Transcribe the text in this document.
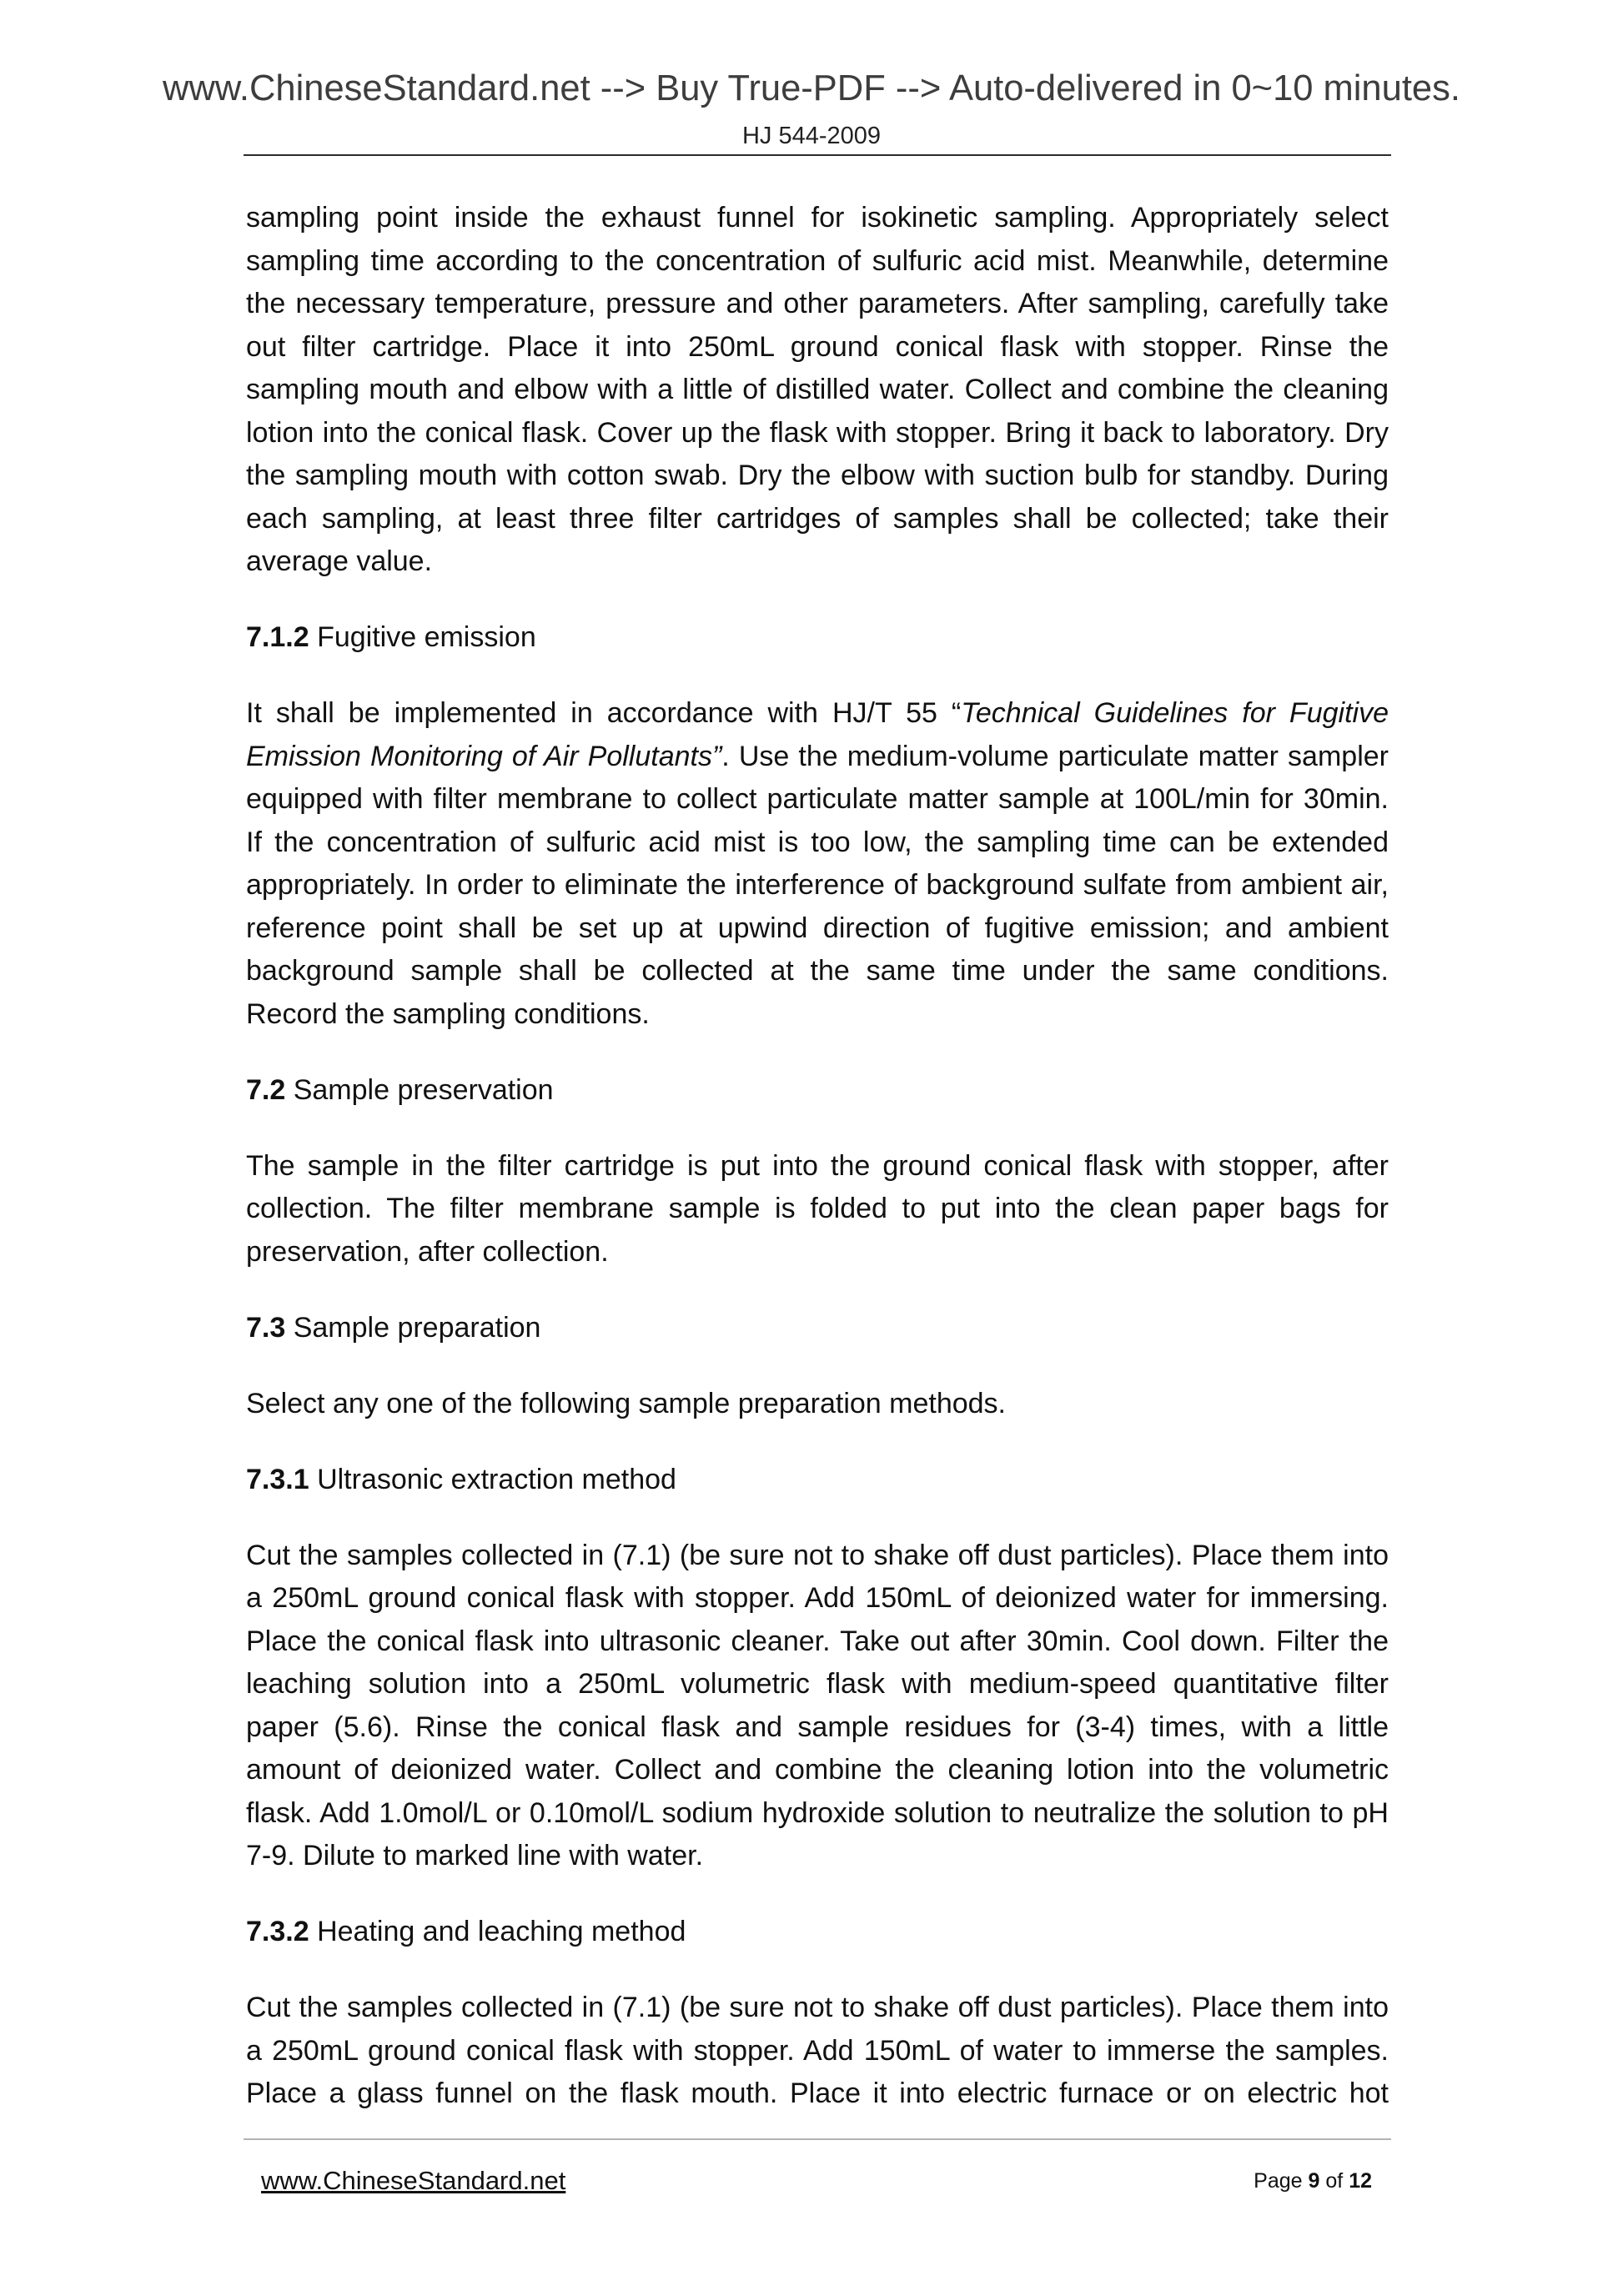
www.ChineseStandard.net --> Buy True-PDF --> Auto-delivered in 0~10 minutes.
HJ 544-2009
sampling point inside the exhaust funnel for isokinetic sampling. Appropriately select
sampling time according to the concentration of sulfuric acid mist. Meanwhile, determine
the necessary temperature, pressure and other parameters. After sampling, carefully take
out filter cartridge. Place it into 250mL ground conical flask with stopper. Rinse the
sampling mouth and elbow with a little of distilled water. Collect and combine the cleaning
lotion into the conical flask. Cover up the flask with stopper. Bring it back to laboratory. Dry
the sampling mouth with cotton swab. Dry the elbow with suction bulb for standby. During
each sampling, at least three filter cartridges of samples shall be collected; take their
average value.
7.1.2 Fugitive emission
It shall be implemented in accordance with HJ/T 55 “Technical Guidelines for Fugitive
Emission Monitoring of Air Pollutants”. Use the medium-volume particulate matter sampler
equipped with filter membrane to collect particulate matter sample at 100L/min for 30min.
If the concentration of sulfuric acid mist is too low, the sampling time can be extended
appropriately. In order to eliminate the interference of background sulfate from ambient air,
reference point shall be set up at upwind direction of fugitive emission; and ambient
background sample shall be collected at the same time under the same conditions.
Record the sampling conditions.
7.2 Sample preservation
The sample in the filter cartridge is put into the ground conical flask with stopper, after
collection. The filter membrane sample is folded to put into the clean paper bags for
preservation, after collection.
7.3 Sample preparation
Select any one of the following sample preparation methods.
7.3.1 Ultrasonic extraction method
Cut the samples collected in (7.1) (be sure not to shake off dust particles). Place them into
a 250mL ground conical flask with stopper. Add 150mL of deionized water for immersing.
Place the conical flask into ultrasonic cleaner. Take out after 30min. Cool down. Filter the
leaching solution into a 250mL volumetric flask with medium-speed quantitative filter
paper (5.6). Rinse the conical flask and sample residues for (3-4) times, with a little
amount of deionized water. Collect and combine the cleaning lotion into the volumetric
flask. Add 1.0mol/L or 0.10mol/L sodium hydroxide solution to neutralize the solution to pH
7-9. Dilute to marked line with water.
7.3.2 Heating and leaching method
Cut the samples collected in (7.1) (be sure not to shake off dust particles). Place them into
a 250mL ground conical flask with stopper. Add 150mL of water to immerse the samples.
Place a glass funnel on the flask mouth. Place it into electric furnace or on electric hot
www.ChineseStandard.net	Page 9 of 12
